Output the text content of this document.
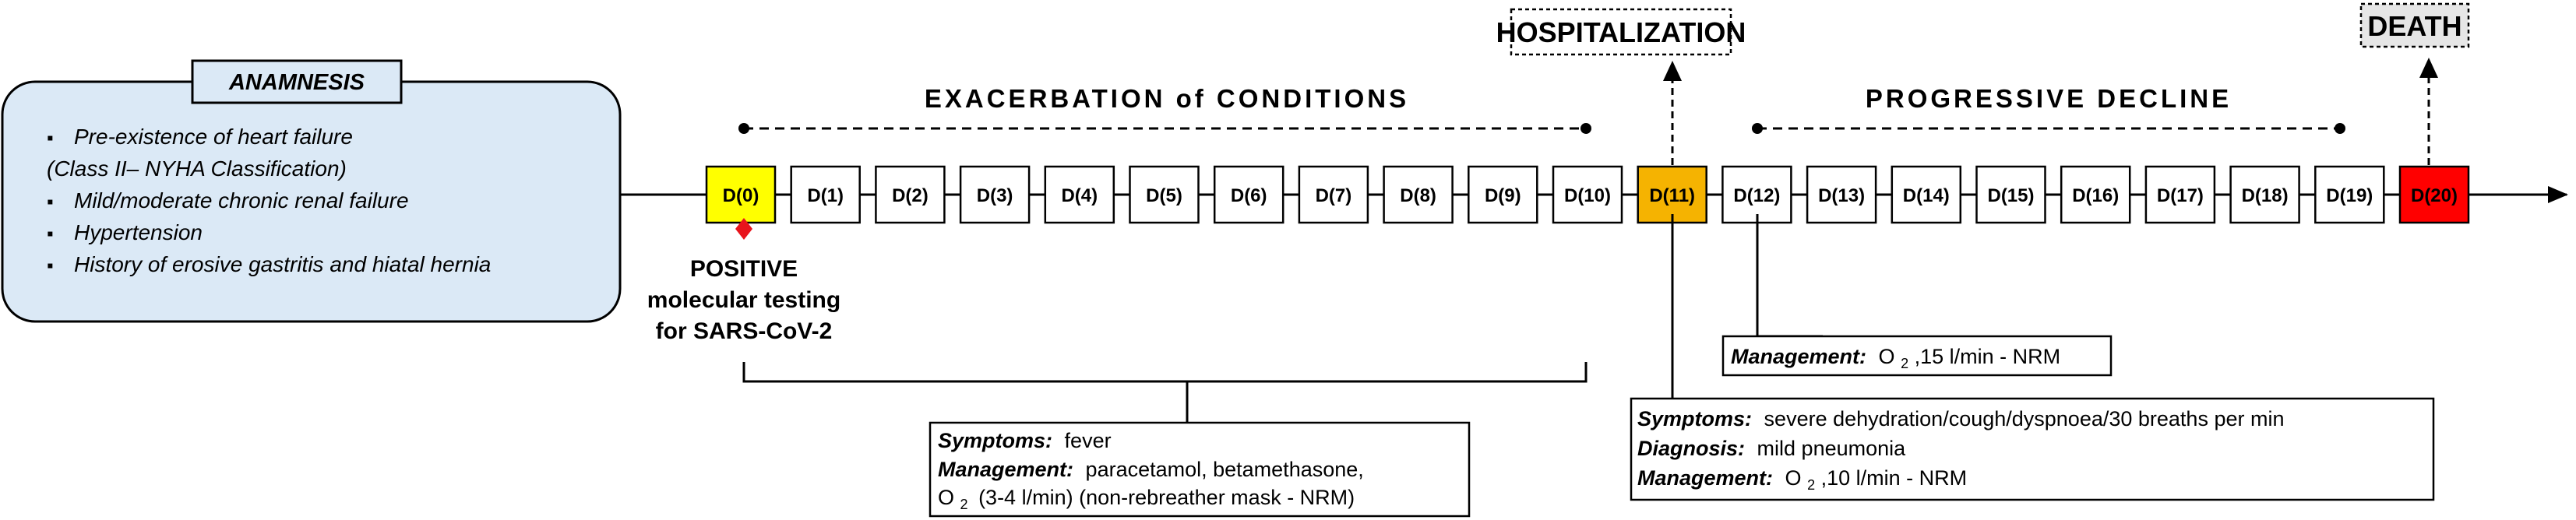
ANAMNESIS
▪ Pre-existence of heart failure
(Class II– NYHA Classification)
▪ Mild/moderate chronic renal failure
▪ Hypertension
▪ History of erosive gastritis and hiatal hernia
D(0)	D(1)	D(2)	D(3)	D(4)	D(5)	D(6)	D(7)	D(8)	D(9) D(10) D(11) D(12) D(13) D(14) D(15) D(16) D(17) D(18) D(19) D(20)
EXACERBATION of CONDITIONS	PROGRESSIVE DECLINE
HOSPITALIZATION	DEATH
POSITIVE
molecular testing
for SARS-CoV-2
Symptoms: fever
Management: paracetamol, betamethasone,
O $_2$ (3-4 l/min) (non-rebreather mask - NRM)
Management: O $_2$ ,15 l/min - NRM
Symptoms: severe dehydration/cough/dyspnoea/30 breaths per min
Diagnosis: mild pneumonia
Management: O $_2$ ,10 l/min - NRM
